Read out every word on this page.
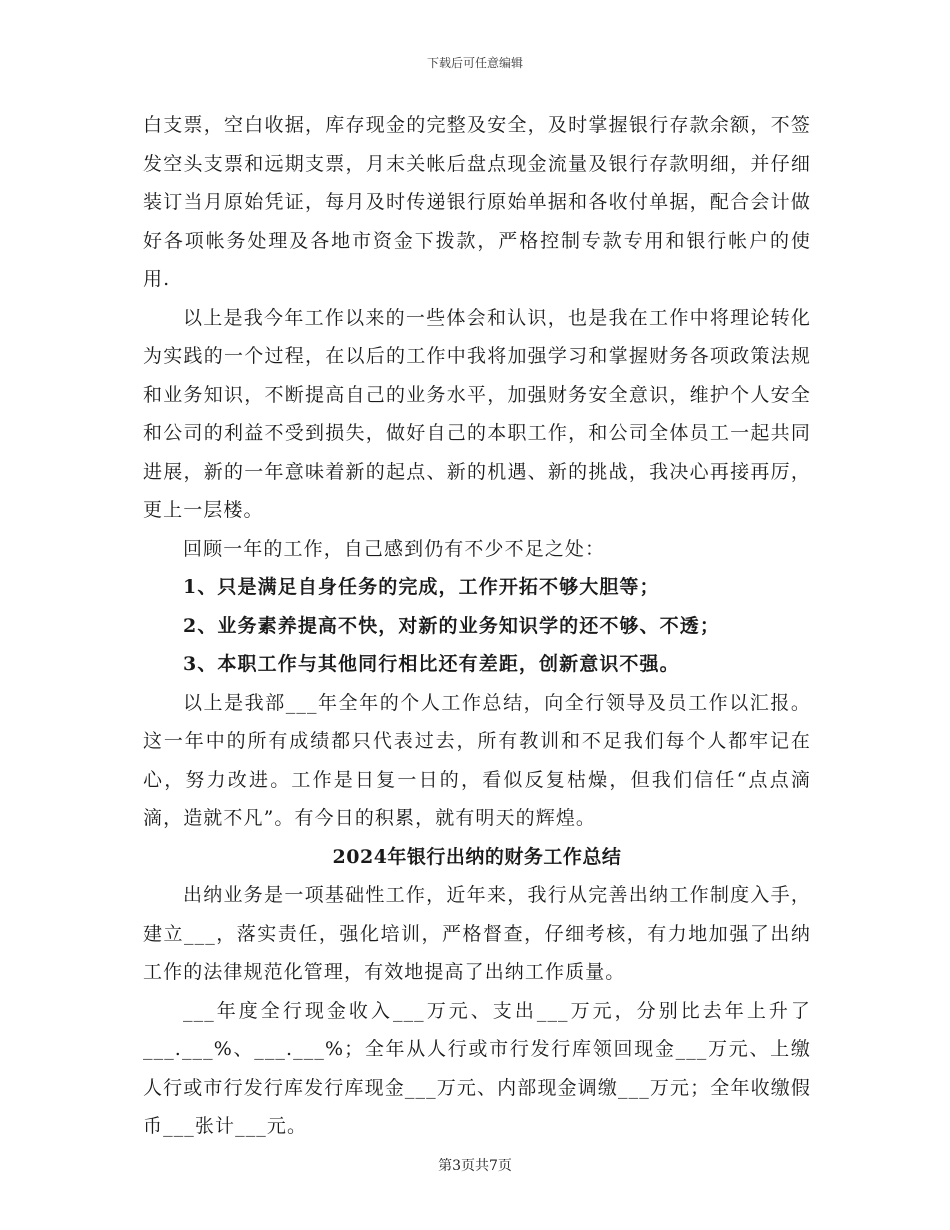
下载后可任意编辑

白支票，空白收据，库存现金的完整及安全，及时掌握银行存款余额，不签发空头支票和远期支票，月末关帐后盘点现金流量及银行存款明细，并仔细装订当月原始凭证，每月及时传递银行原始单据和各收付单据，配合会计做好各项帐务处理及各地市资金下拨款，严格控制专款专用和银行帐户的使用.

以上是我今年工作以来的一些体会和认识，也是我在工作中将理论转化为实践的一个过程，在以后的工作中我将加强学习和掌握财务各项政策法规和业务知识，不断提高自己的业务水平，加强财务安全意识，维护个人安全和公司的利益不受到损失，做好自己的本职工作，和公司全体员工一起共同进展，新的一年意味着新的起点、新的机遇、新的挑战，我决心再接再厉，更上一层楼。

回顾一年的工作，自己感到仍有不少不足之处：

1、只是满足自身任务的完成，工作开拓不够大胆等；

2、业务素养提高不快，对新的业务知识学的还不够、不透；

3、本职工作与其他同行相比还有差距，创新意识不强。

以上是我部___年全年的个人工作总结，向全行领导及员工作以汇报。这一年中的所有成绩都只代表过去，所有教训和不足我们每个人都牢记在心，努力改进。工作是日复一日的，看似反复枯燥，但我们信任“点点滴滴，造就不凡”。有今日的积累，就有明天的辉煌。

2024年银行出纳的财务工作总结

出纳业务是一项基础性工作，近年来，我行从完善出纳工作制度入手，建立___，落实责任，强化培训，严格督查，仔细考核，有力地加强了出纳工作的法律规范化管理，有效地提高了出纳工作质量。

___年度全行现金收入___万元、支出___万元，分别比去年上升了___.___%、___.___%；全年从人行或市行发行库领回现金___万元、上缴人行或市行发行库发行库现金___万元、内部现金调缴___万元；全年收缴假币___张计___元。

第3页共7页
